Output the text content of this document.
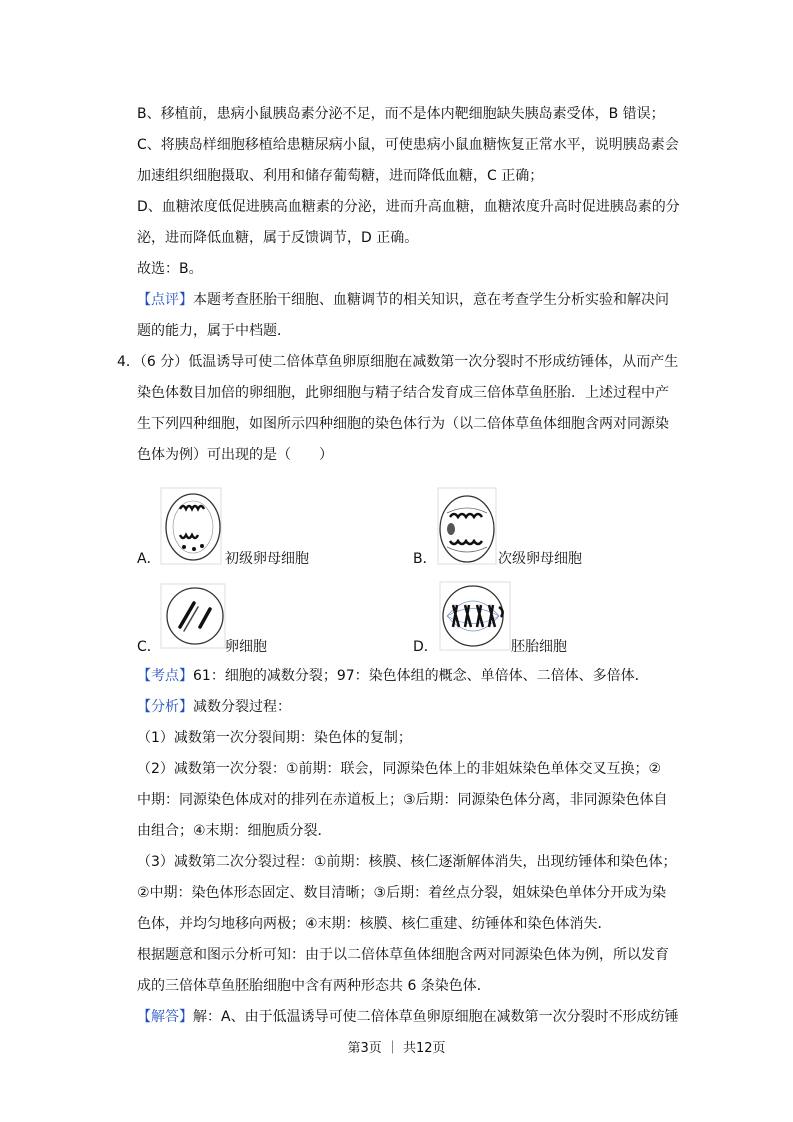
B、移植前，患病小鼠胰岛素分泌不足，而不是体内靶细胞缺失胰岛素受体，B 错误；
C、将胰岛样细胞移植给患糖尿病小鼠，可使患病小鼠血糖恢复正常水平，说明胰岛素会
加速组织细胞摄取、利用和储存葡萄糖，进而降低血糖，C 正确；
D、血糖浓度低促进胰高血糖素的分泌，进而升高血糖，血糖浓度升高时促进胰岛素的分
泌，进而降低血糖，属于反馈调节，D 正确。
故选：B。
【点评】本题考查胚胎干细胞、血糖调节的相关知识，意在考查学生分析实验和解决问
题的能力，属于中档题．
4．（6 分）低温诱导可使二倍体草鱼卵原细胞在减数第一次分裂时不形成纺锤体，从而产生
染色体数目加倍的卵细胞，此卵细胞与精子结合发育成三倍体草鱼胚胎．上述过程中产
生下列四种细胞，如图所示四种细胞的染色体行为（以二倍体草鱼体细胞含两对同源染
色体为例）可出现的是（　　）
A．	初级卵母细胞	B．	次级卵母细胞
C．	卵细胞	D．	胚胎细胞
【考点】61：细胞的减数分裂；97：染色体组的概念、单倍体、二倍体、多倍体．
【分析】减数分裂过程：
（1）减数第一次分裂间期：染色体的复制；
（2）减数第一次分裂：①前期：联会，同源染色体上的非姐妹染色单体交叉互换；②
中期：同源染色体成对的排列在赤道板上；③后期：同源染色体分离，非同源染色体自
由组合；④末期：细胞质分裂．
（3）减数第二次分裂过程：①前期：核膜、核仁逐渐解体消失，出现纺锤体和染色体；
②中期：染色体形态固定、数目清晰；③后期：着丝点分裂，姐妹染色单体分开成为染
色体，并均匀地移向两极；④末期：核膜、核仁重建、纺锤体和染色体消失．
根据题意和图示分析可知：由于以二倍体草鱼体细胞含两对同源染色体为例，所以发育
成的三倍体草鱼胚胎细胞中含有两种形态共 6 条染色体．
【解答】解：A、由于低温诱导可使二倍体草鱼卵原细胞在减数第一次分裂时不形成纺锤
第3页 ｜ 共12页
